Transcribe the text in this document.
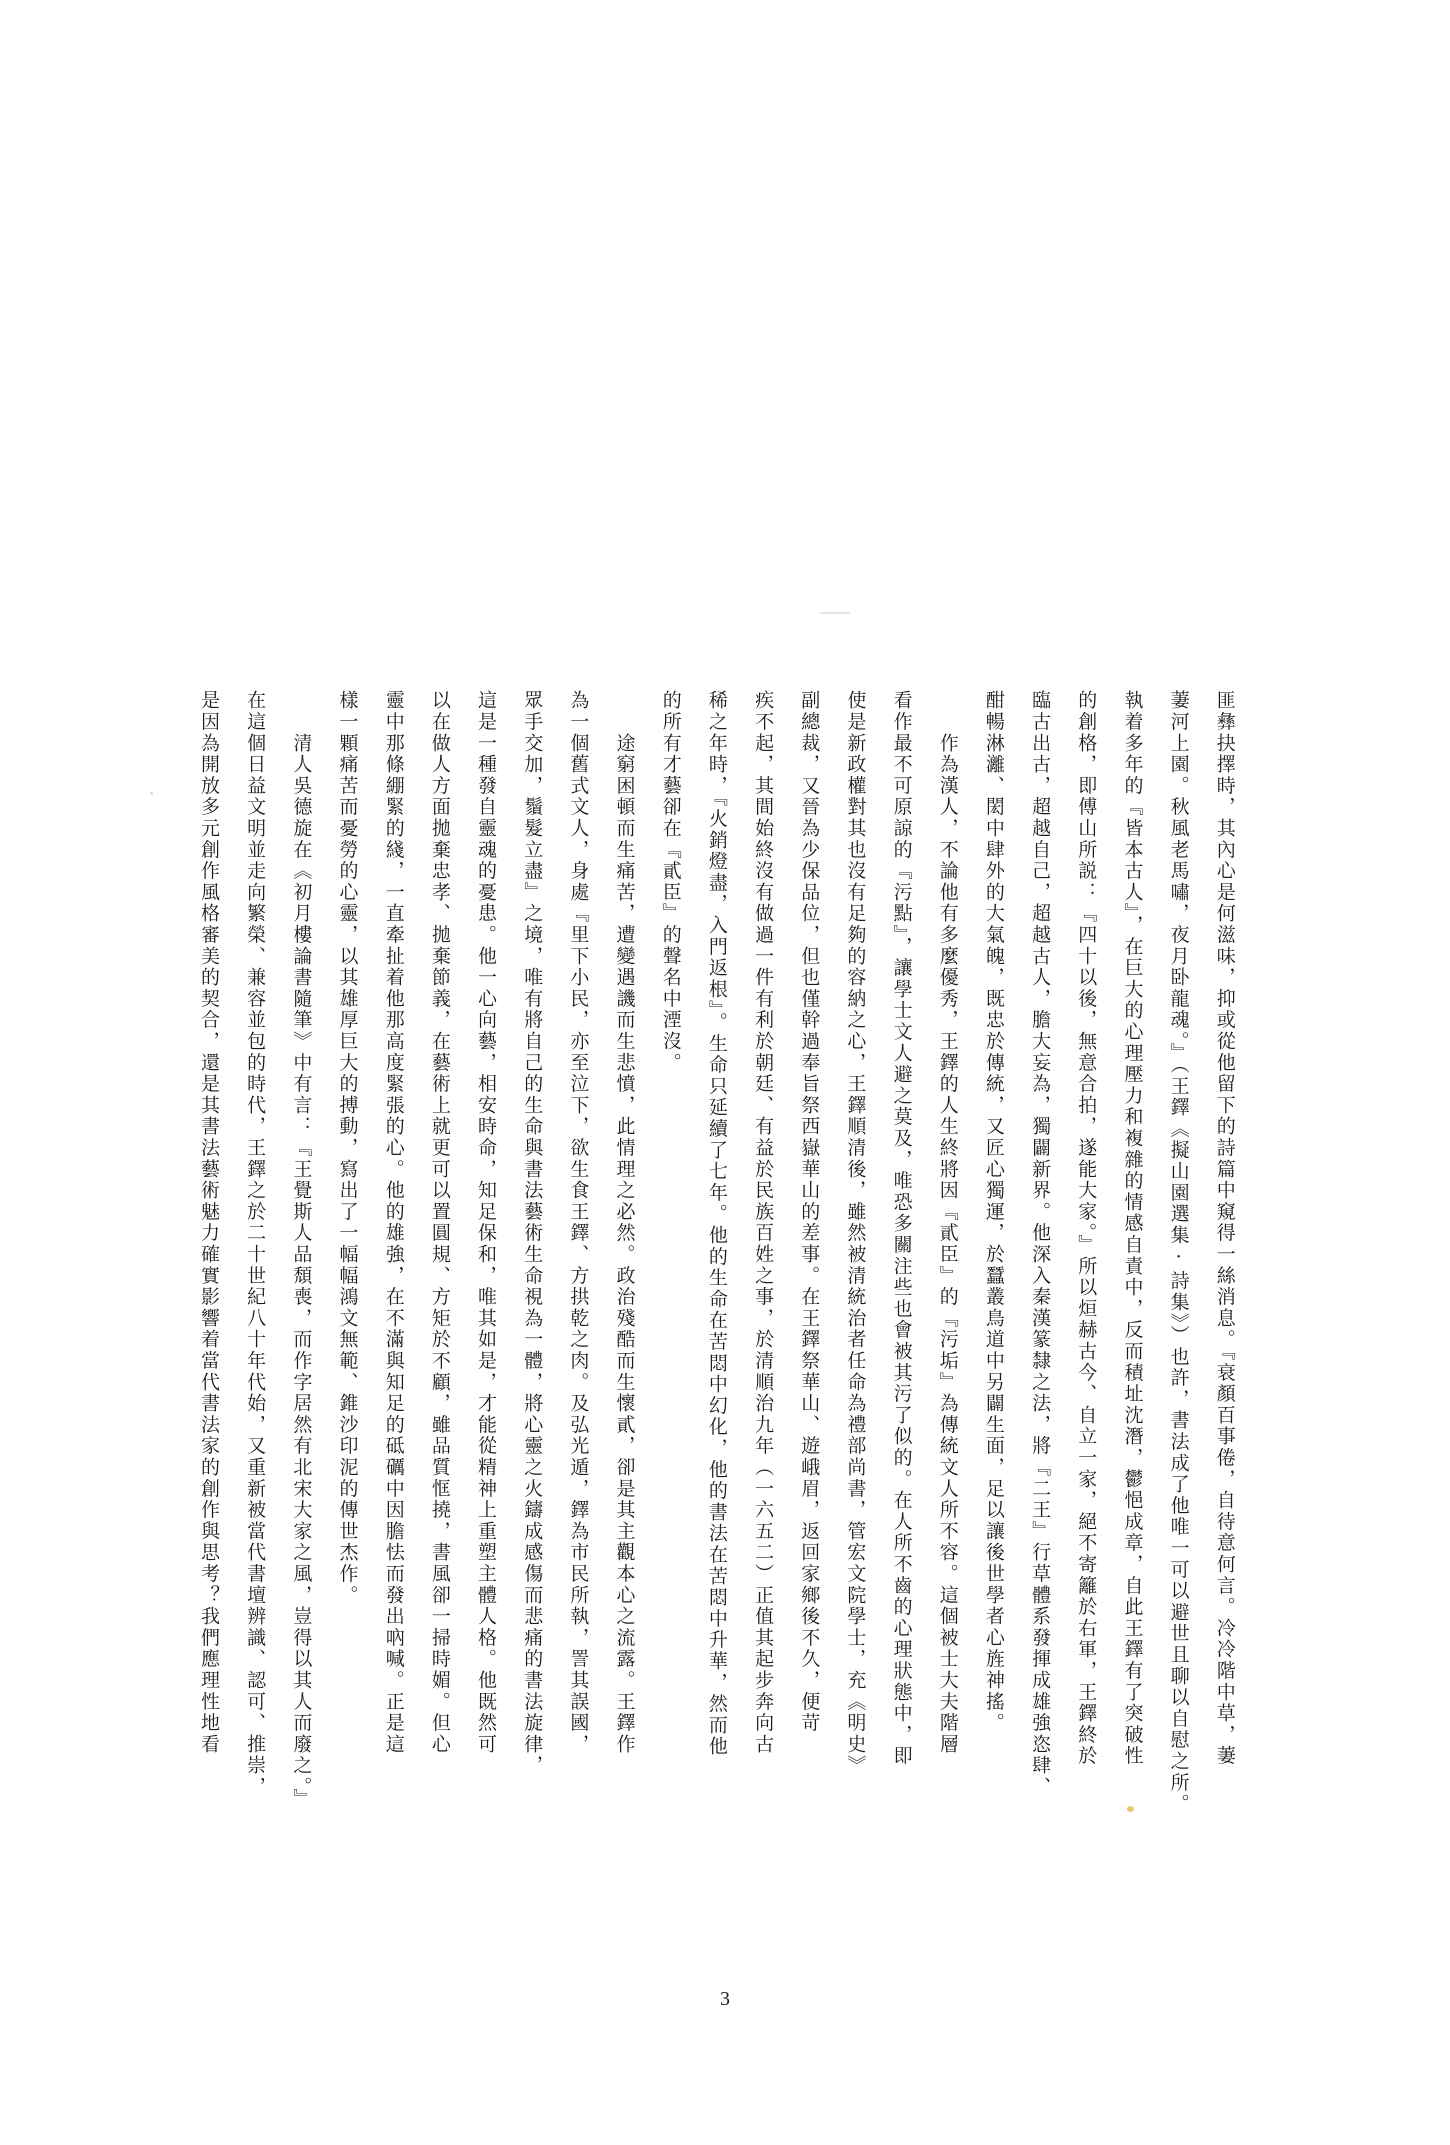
匪彝抉擇時，其內心是何滋味，抑或從他留下的詩篇中窺得一絲消息。『衰顏百事倦，自待意何言。冷冷階中草，萋
萋河上園。秋風老馬嘯，夜月卧龍魂。』（王鐸《擬山園選集·詩集》）也許，書法成了他唯一可以避世且聊以自慰之所。
執着多年的『皆本古人』，在巨大的心理壓力和複雜的情感自責中，反而積址沈潛，鬱悒成章，自此王鐸有了突破性
的創格，即傅山所説：『四十以後，無意合拍，遂能大家。』所以烜赫古今、自立一家，絕不寄籬於右軍，王鐸終於
臨古出古，超越自己，超越古人，膽大妄為，獨闢新界。他深入秦漢篆隸之法，將『二王』行草體系發揮成雄強恣肆、
酣暢淋灕、閎中肆外的大氣魄，既忠於傳統，又匠心獨運，於蠶叢鳥道中另闢生面，足以讓後世學者心旌神搖。
　　作為漢人，不論他有多麼優秀，王鐸的人生終將因『貳臣』的『污垢』為傳統文人所不容。這個被士大夫階層
看作最不可原諒的『污點』，讓學士文人避之莫及，唯恐多關注些也會被其污了似的。在人所不齒的心理狀態中，即
使是新政權對其也沒有足夠的容納之心，王鐸順清後，雖然被清統治者任命為禮部尚書，管宏文院學士，充《明史》
副總裁，又晉為少保品位，但也僅幹過奉旨祭西嶽華山的差事。在王鐸祭華山、遊峨眉，返回家鄉後不久，便苛
疾不起，其間始終沒有做過一件有利於朝廷、有益於民族百姓之事，於清順治九年（一六五二）正值其起步奔向古
稀之年時，『火銷燈盡，入門返根』。生命只延續了七年。他的生命在苦悶中幻化，他的書法在苦悶中升華，然而他
的所有才藝卻在『貳臣』的聲名中湮沒。
　　途窮困頓而生痛苦，遭變遇譏而生悲憤，此情理之必然。政治殘酷而生懷貳，卻是其主觀本心之流露。王鐸作
為一個舊式文人，身處『里下小民，亦至泣下，欲生食王鐸、方拱乾之肉。及弘光遁，鐸為市民所執，詈其誤國，
眾手交加，鬚髮立盡』之境，唯有將自己的生命與書法藝術生命視為一體，將心靈之火鑄成感傷而悲痛的書法旋律，
這是一種發自靈魂的憂患。他一心向藝，相安時命，知足保和，唯其如是，才能從精神上重塑主體人格。他既然可
以在做人方面拋棄忠孝、拋棄節義，在藝術上就更可以置圓規、方矩於不顧，雖品質恇撓，書風卻一掃時媚。但心
靈中那條綳緊的綫，一直牽扯着他那高度緊張的心。他的雄強，在不滿與知足的砥礪中因膽怯而發出吶喊。正是這
樣一顆痛苦而憂勞的心靈，以其雄厚巨大的搏動，寫出了一幅幅鴻文無範、錐沙印泥的傳世杰作。
　　清人吳德旋在《初月樓論書隨筆》中有言：『王覺斯人品頹喪，而作字居然有北宋大家之風，豈得以其人而廢之。』
在這個日益文明並走向繁榮、兼容並包的時代，王鐸之於二十世紀八十年代始，又重新被當代書壇辨識、認可、推崇，
是因為開放多元創作風格審美的契合，還是其書法藝術魅力確實影響着當代書法家的創作與思考？我們應理性地看
3
